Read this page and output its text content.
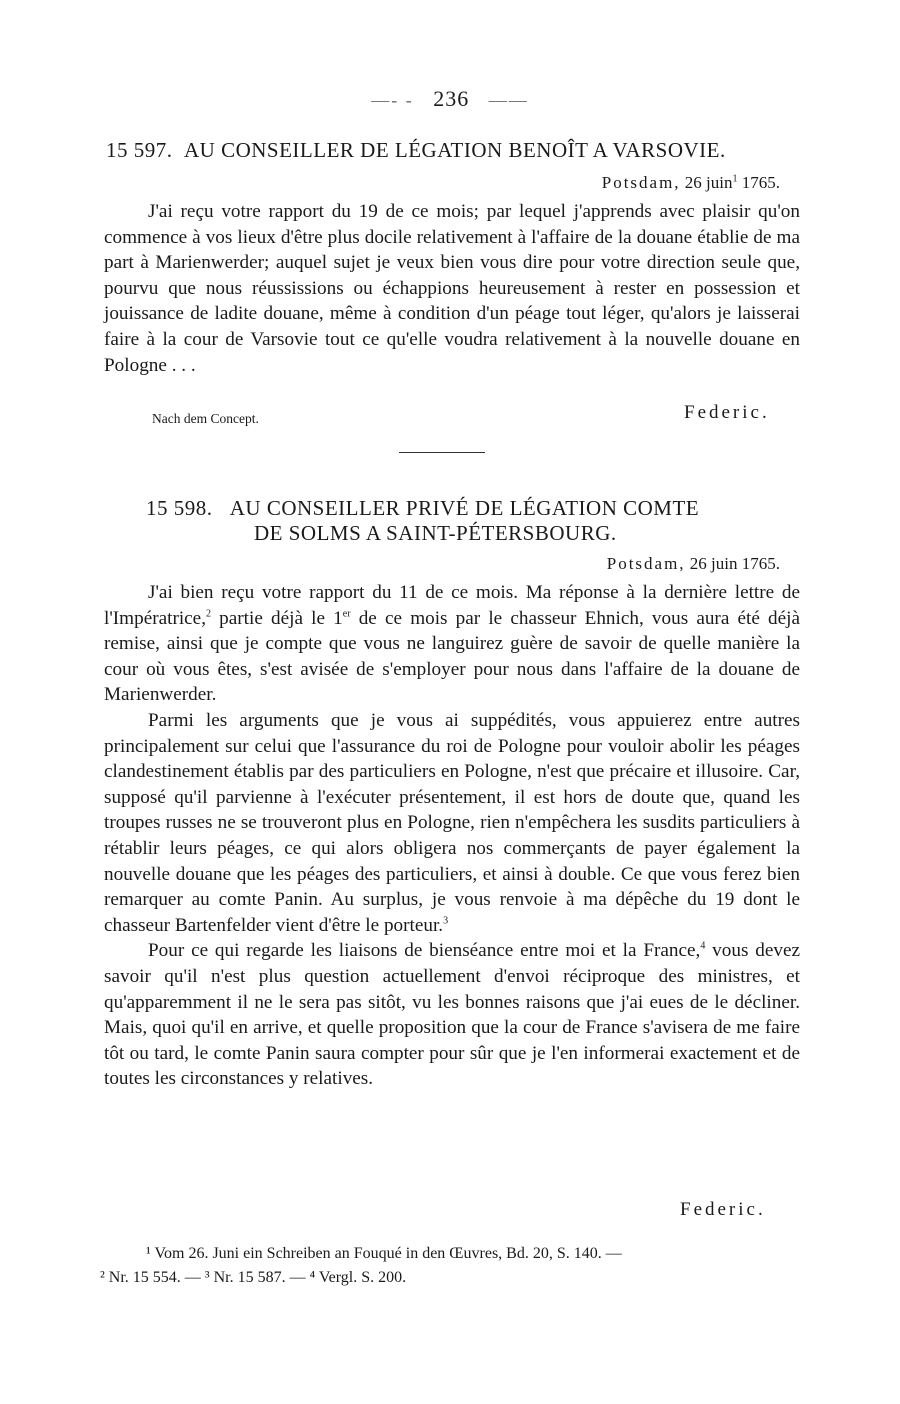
—- - 236 ——
15 597. AU CONSEILLER DE LÉGATION BENOÎT A VARSOVIE.
Potsdam, 26 juin$^1$ 1765.

J'ai reçu votre rapport du 19 de ce mois; par lequel j'apprends avec plaisir qu'on commence à vos lieux d'être plus docile relativement à l'affaire de la douane établie de ma part à Marienwerder; auquel sujet je veux bien vous dire pour votre direction seule que, pourvu que nous réussissions ou échappions heureusement à rester en possession et jouissance de ladite douane, même à condition d'un péage tout léger, qu'alors je laisserai faire à la cour de Varsovie tout ce qu'elle voudra relativement à la nouvelle douane en Pologne . . .

Nach dem Concept.	Federic.
15 598. AU CONSEILLER PRIVÉ DE LÉGATION COMTE
DE SOLMS A SAINT-PÉTERSBOURG.
Potsdam, 26 juin 1765.

J'ai bien reçu votre rapport du 11 de ce mois. Ma réponse à la dernière lettre de l'Impératrice,$^2$ partie déjà le 1er de ce mois par le chasseur Ehnich, vous aura été déjà remise, ainsi que je compte que vous ne languirez guère de savoir de quelle manière la cour où vous êtes, s'est avisée de s'employer pour nous dans l'affaire de la douane de Marienwerder.

Parmi les arguments que je vous ai suppédités, vous appuierez entre autres principalement sur celui que l'assurance du roi de Pologne pour vouloir abolir les péages clandestinement établis par des particuliers en Pologne, n'est que précaire et illusoire. Car, supposé qu'il parvienne à l'exécuter présentement, il est hors de doute que, quand les troupes russes ne se trouveront plus en Pologne, rien n'empêchera les susdits particuliers à rétablir leurs péages, ce qui alors obligera nos commerçants de payer également la nouvelle douane que les péages des particuliers, et ainsi à double. Ce que vous ferez bien remarquer au comte Panin. Au surplus, je vous renvoie à ma dépêche du 19 dont le chasseur Bartenfelder vient d'être le porteur.$^3$

Pour ce qui regarde les liaisons de bienséance entre moi et la France,$^4$ vous devez savoir qu'il n'est plus question actuellement d'envoi réciproque des ministres, et qu'apparemment il ne le sera pas sitôt, vu les bonnes raisons que j'ai eues de le décliner. Mais, quoi qu'il en arrive, et quelle proposition que la cour de France s'avisera de me faire tôt ou tard, le comte Panin saura compter pour sûr que je l'en informerai exactement et de toutes les circonstances y relatives.

Federic.
¹ Vom 26. Juni ein Schreiben an Fouqué in den Œuvres, Bd. 20, S. 140. —
² Nr. 15 554. — ³ Nr. 15 587. — ⁴ Vergl. S. 200.
